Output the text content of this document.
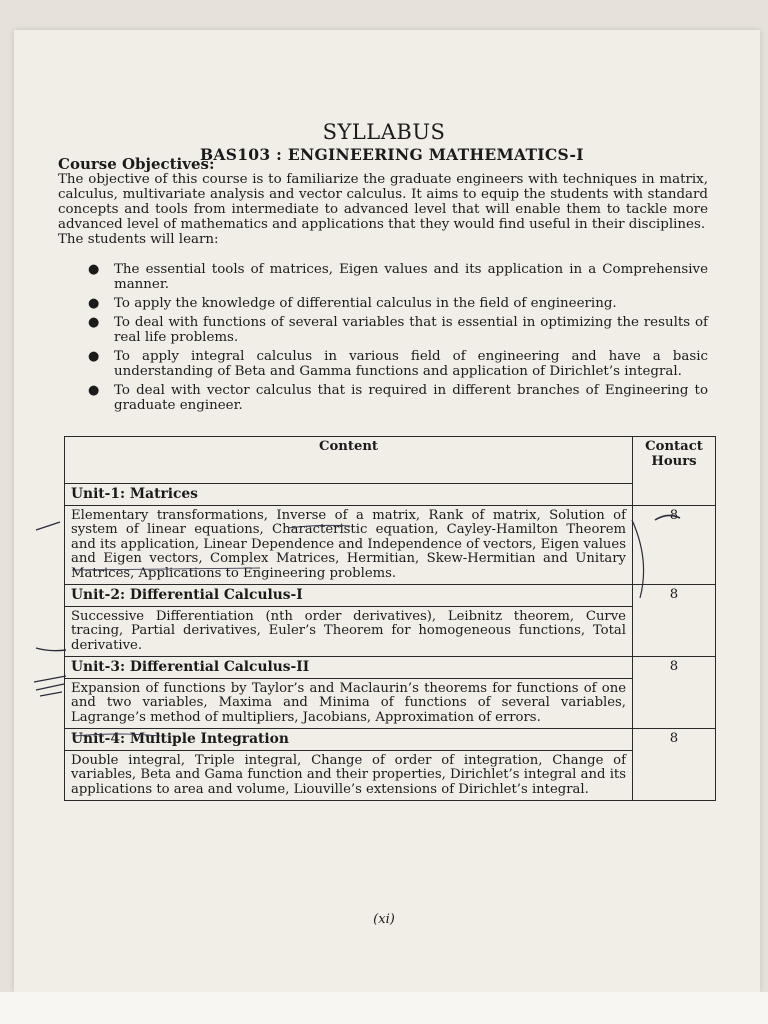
SYLLABUS
BAS103 : ENGINEERING MATHEMATICS-I
Course Objectives:

The objective of this course is to familiarize the graduate engineers with techniques in matrix, calculus, multivariate analysis and vector calculus. It aims to equip the students with standard concepts and tools from intermediate to advanced level that will enable them to tackle more advanced level of mathematics and applications that they would find useful in their disciplines.

The students will learn:

● The essential tools of matrices, Eigen values and its application in a Comprehensive manner.
● To apply the knowledge of differential calculus in the field of engineering.
● To deal with functions of several variables that is essential in optimizing the results of real life problems.
● To apply integral calculus in various field of engineering and have a basic understanding of Beta and Gamma functions and application of Dirichlet’s integral.
● To deal with vector calculus that is required in different branches of Engineering to graduate engineer.
Content	Contact Hours
Unit-1: Matrices	
Elementary transformations, Inverse of a matrix, Rank of matrix, Solution of system of linear equations, Characteristic equation, Cayley-Hamilton Theorem and its application, Linear Dependence and Independence of vectors, Eigen values and Eigen vectors, Complex Matrices, Hermitian, Skew-Hermitian and Unitary Matrices, Applications to Engineering problems.	8
Unit-2: Differential Calculus-I	8
Successive Differentiation (nth order derivatives), Leibnitz theorem, Curve tracing, Partial derivatives, Euler’s Theorem for homogeneous functions, Total derivative.	
Unit-3: Differential Calculus-II	8
Expansion of functions by Taylor’s and Maclaurin’s theorems for functions of one and two variables, Maxima and Minima of functions of several variables, Lagrange’s method of multipliers, Jacobians, Approximation of errors.	
Unit-4: Multiple Integration	8
Double integral, Triple integral, Change of order of integration, Change of variables, Beta and Gama function and their properties, Dirichlet’s integral and its applications to area and volume, Liouville’s extensions of Dirichlet’s integral.	
(xi)
